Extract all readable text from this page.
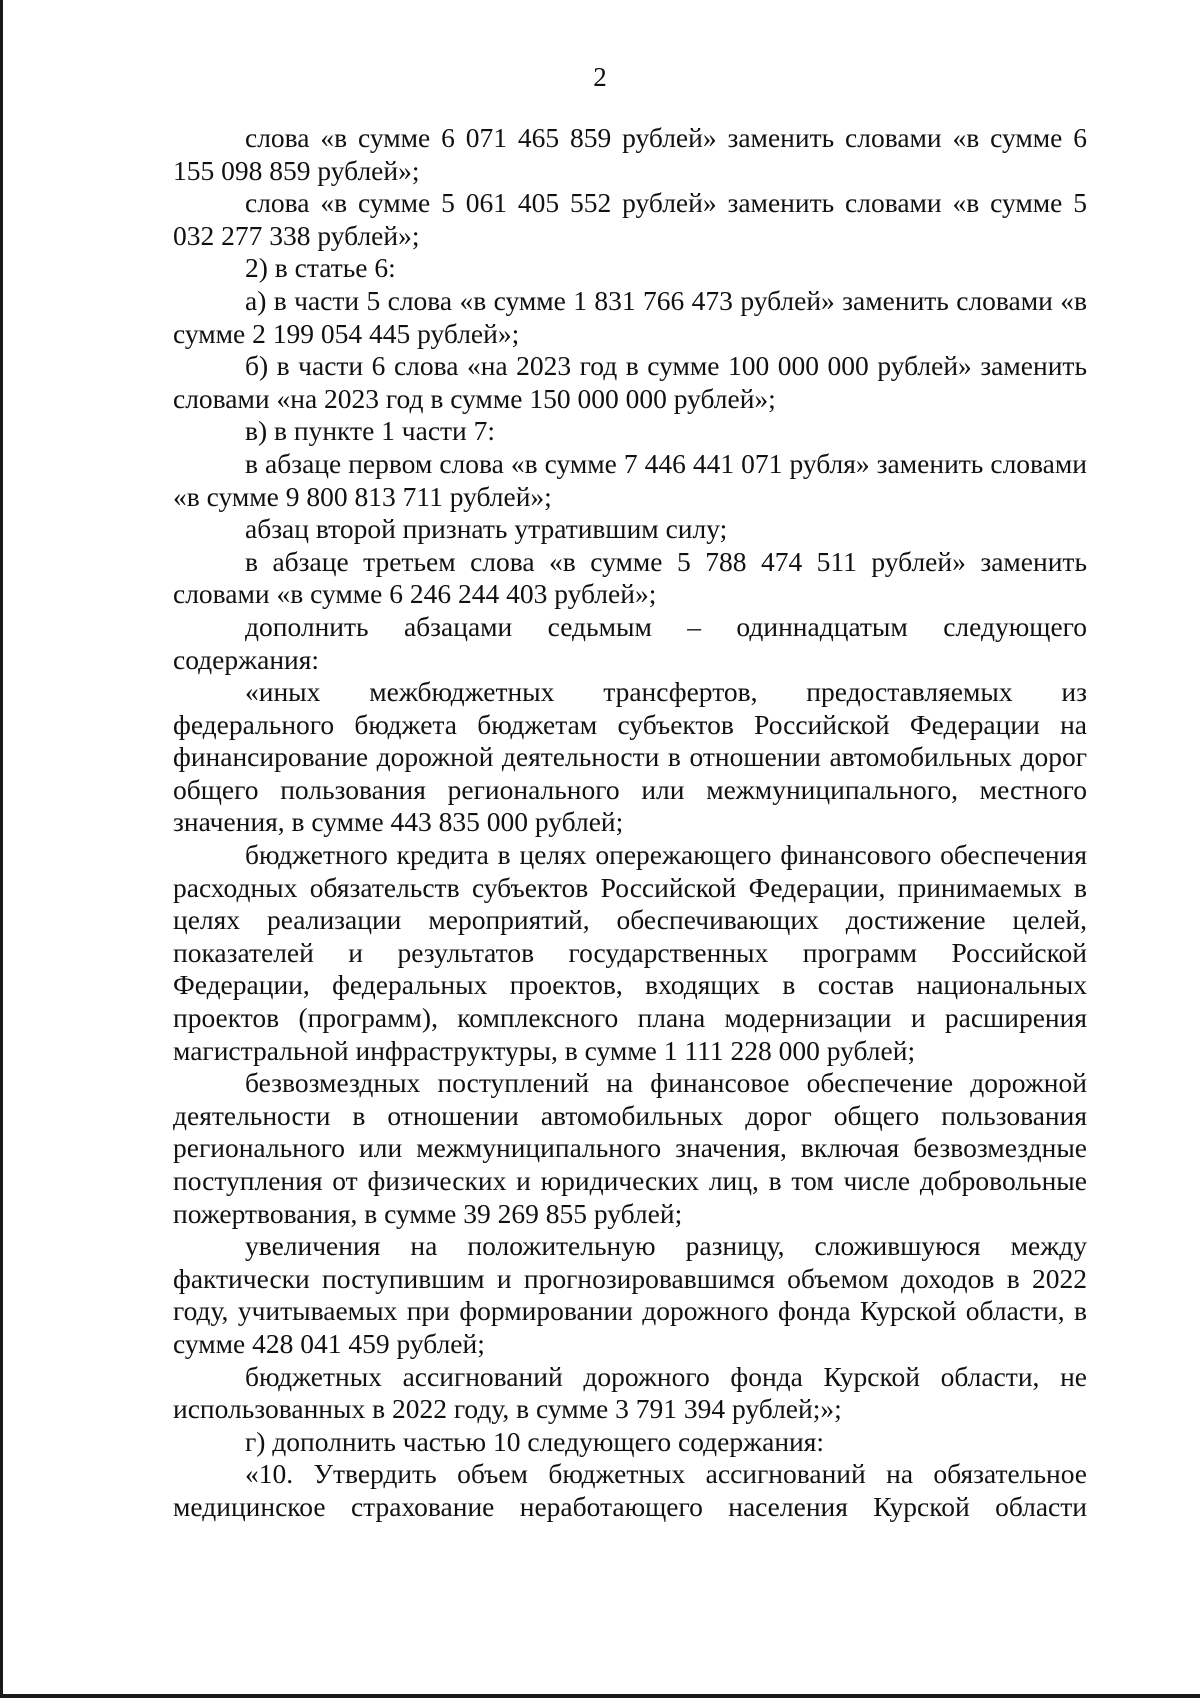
2

слова «в сумме 6 071 465 859 рублей» заменить словами «в сумме 6 155 098 859 рублей»;

слова «в сумме 5 061 405 552 рублей» заменить словами «в сумме 5 032 277 338 рублей»;

2) в статье 6:

а) в части 5 слова «в сумме 1 831 766 473 рублей» заменить словами «в сумме 2 199 054 445 рублей»;

б) в части 6 слова «на 2023 год в сумме 100 000 000 рублей» заменить словами «на 2023 год в сумме 150 000 000 рублей»;

в) в пункте 1 части 7:

в абзаце первом слова «в сумме 7 446 441 071 рубля» заменить словами «в сумме 9 800 813 711 рублей»;

абзац второй признать утратившим силу;

в абзаце третьем слова «в сумме 5 788 474 511 рублей» заменить словами «в сумме 6 246 244 403 рублей»;

дополнить абзацами седьмым – одиннадцатым следующего содержания:

«иных межбюджетных трансфертов, предоставляемых из федерального бюджета бюджетам субъектов Российской Федерации на финансирование дорожной деятельности в отношении автомобильных дорог общего пользования регионального или межмуниципального, местного значения, в сумме 443 835 000 рублей;

бюджетного кредита в целях опережающего финансового обеспечения расходных обязательств субъектов Российской Федерации, принимаемых в целях реализации мероприятий, обеспечивающих достижение целей, показателей и результатов государственных программ Российской Федерации, федеральных проектов, входящих в состав национальных проектов (программ), комплексного плана модернизации и расширения магистральной инфраструктуры, в сумме 1 111 228 000 рублей;

безвозмездных поступлений на финансовое обеспечение дорожной деятельности в отношении автомобильных дорог общего пользования регионального или межмуниципального значения, включая безвозмездные поступления от физических и юридических лиц, в том числе добровольные пожертвования, в сумме 39 269 855 рублей;

увеличения на положительную разницу, сложившуюся между фактически поступившим и прогнозировавшимся объемом доходов в 2022 году, учитываемых при формировании дорожного фонда Курской области, в сумме 428 041 459 рублей;

бюджетных ассигнований дорожного фонда Курской области, не использованных в 2022 году, в сумме 3 791 394 рублей;»;

г) дополнить частью 10 следующего содержания:

«10. Утвердить объем бюджетных ассигнований на обязательное медицинское страхование неработающего населения Курской области
